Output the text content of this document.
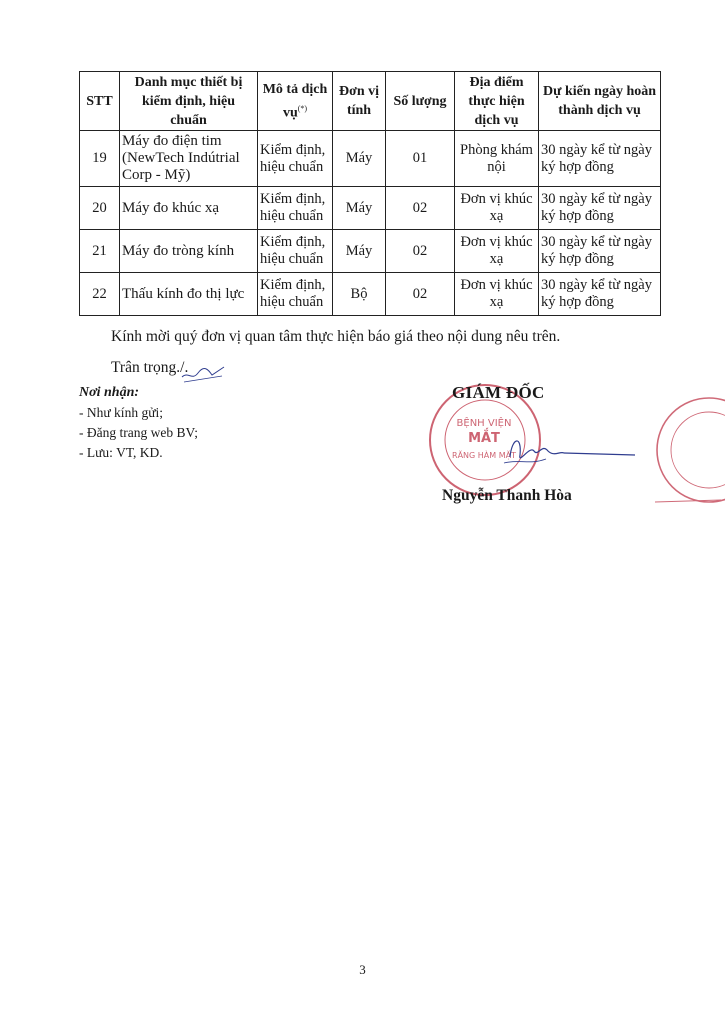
STT	Danh mục thiết bị kiểm định, hiệu chuẩn	Mô tả dịch vụ(*)	Đơn vị tính	Số lượng	Địa điểm thực hiện dịch vụ	Dự kiến ngày hoàn thành dịch vụ
19	Máy đo điện tim (NewTech Indútrial Corp - Mỹ)	Kiểm định, hiệu chuẩn	Máy	01	Phòng khám nội	30 ngày kể từ ngày ký hợp đồng
20	Máy đo khúc xạ	Kiểm định, hiệu chuẩn	Máy	02	Đơn vị khúc xạ	30 ngày kể từ ngày ký hợp đồng
21	Máy đo tròng kính	Kiểm định, hiệu chuẩn	Máy	02	Đơn vị khúc xạ	30 ngày kể từ ngày ký hợp đồng
22	Thấu kính đo thị lực	Kiểm định, hiệu chuẩn	Bộ	02	Đơn vị khúc xạ	30 ngày kể từ ngày ký hợp đồng
Kính mời quý đơn vị quan tâm thực hiện báo giá theo nội dung nêu trên.
Trân trọng./.
Nơi nhận:
- Như kính gửi;
- Đăng trang web BV;
- Lưu: VT, KD.
BỆNH VIỆN
MẮT
RĂNG HÀM MẶT
GIÁM ĐỐC
Nguyễn Thanh Hòa
3
